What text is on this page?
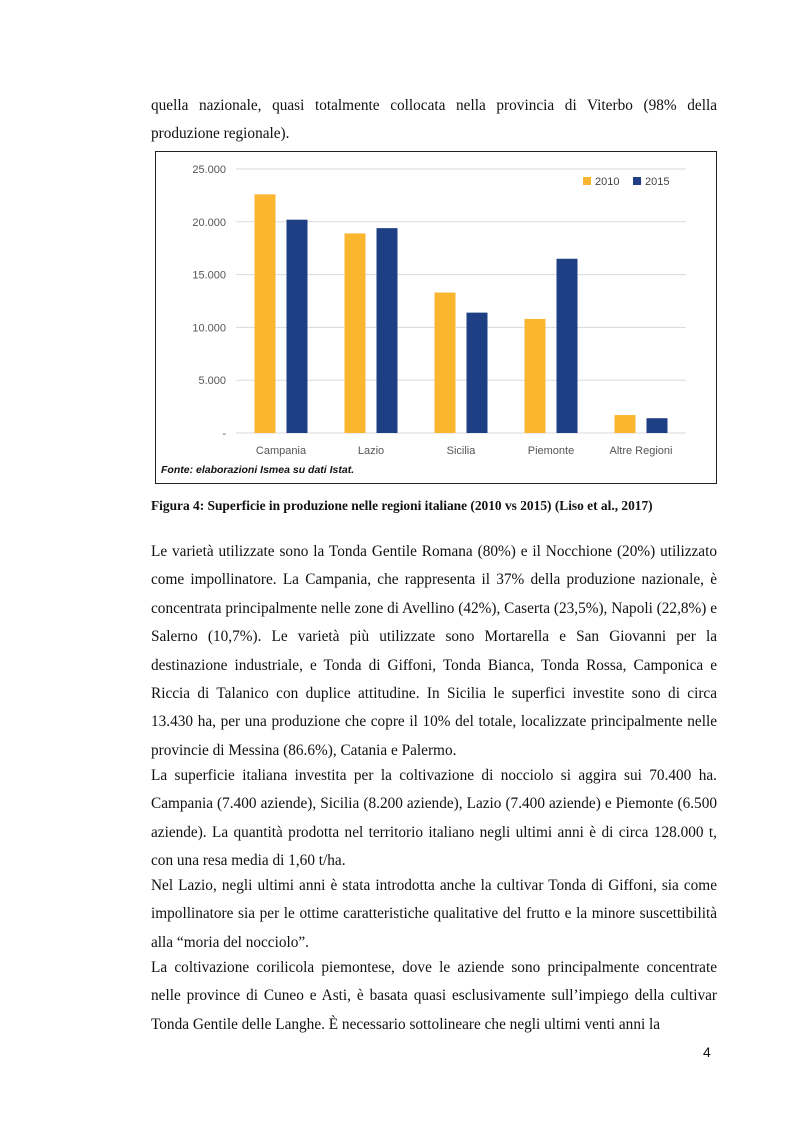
quella nazionale, quasi totalmente collocata nella provincia di Viterbo (98% della produzione regionale).

-
5.000
10.000
15.000
20.000
25.000
Campania	Lazio	Sicilia	Piemonte	Altre Regioni
2010 2015
Fonte: elaborazioni Ismea su dati Istat.

Figura 4: Superficie in produzione nelle regioni italiane (2010 vs 2015) (Liso et al., 2017)

Le varietà utilizzate sono la Tonda Gentile Romana (80%) e il Nocchione (20%) utilizzato come impollinatore. La Campania, che rappresenta il 37% della produzione nazionale, è concentrata principalmente nelle zone di Avellino (42%), Caserta (23,5%), Napoli (22,8%) e Salerno (10,7%). Le varietà più utilizzate sono Mortarella e San Giovanni per la destinazione industriale, e Tonda di Giffoni, Tonda Bianca, Tonda Rossa, Camponica e Riccia di Talanico con duplice attitudine. In Sicilia le superfici investite sono di circa 13.430 ha, per una produzione che copre il 10% del totale, localizzate principalmente nelle provincie di Messina (86.6%), Catania e Palermo.

La superficie italiana investita per la coltivazione di nocciolo si aggira sui 70.400 ha. Campania (7.400 aziende), Sicilia (8.200 aziende), Lazio (7.400 aziende) e Piemonte (6.500 aziende). La quantità prodotta nel territorio italiano negli ultimi anni è di circa 128.000 t, con una resa media di 1,60 t/ha.

Nel Lazio, negli ultimi anni è stata introdotta anche la cultivar Tonda di Giffoni, sia come impollinatore sia per le ottime caratteristiche qualitative del frutto e la minore suscettibilità alla “moria del nocciolo”.

La coltivazione corilicola piemontese, dove le aziende sono principalmente concentrate nelle province di Cuneo e Asti, è basata quasi esclusivamente sull’impiego della cultivar Tonda Gentile delle Langhe. È necessario sottolineare che negli ultimi venti anni la

4
